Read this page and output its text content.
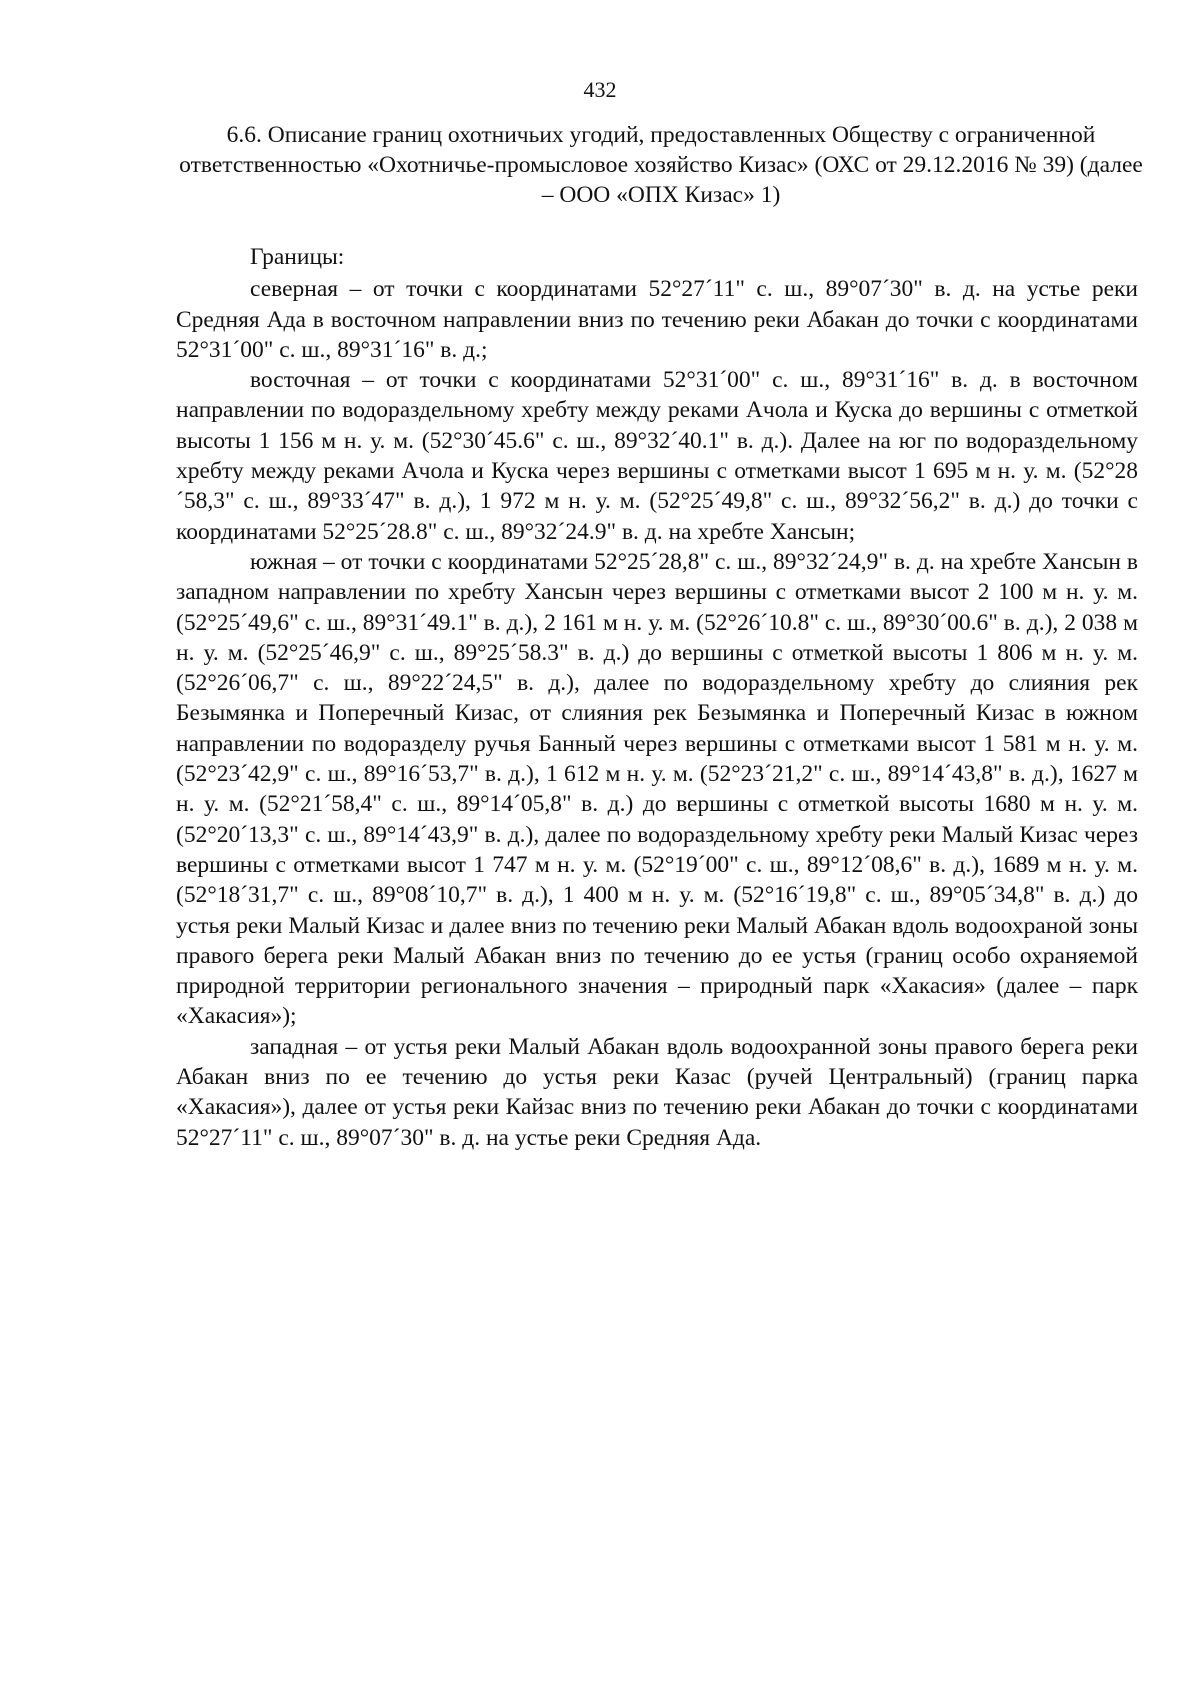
432
6.6. Описание границ охотничьих угодий, предоставленных Обществу с ограниченной ответственностью «Охотничье-промысловое хозяйство Кизас» (ОХС от 29.12.2016 № 39) (далее – ООО «ОПХ Кизас» 1)

Границы:

северная – от точки с координатами 52°27´11" с. ш., 89°07´30" в. д. на устье реки Средняя Ада в восточном направлении вниз по течению реки Абакан до точки с координатами 52°31´00" с. ш., 89°31´16" в. д.;

восточная – от точки с координатами 52°31´00" с. ш., 89°31´16" в. д. в восточном направлении по водораздельному хребту между реками Ачола и Куска до вершины с отметкой высоты 1 156 м н. у. м. (52°30´45.6" с. ш., 89°32´40.1" в. д.). Далее на юг по водораздельному хребту между реками Ачола и Куска через вершины с отметками высот 1 695 м н. у. м. (52°28´58,3" с. ш., 89°33´47" в. д.), 1 972 м н. у. м. (52°25´49,8" с. ш., 89°32´56,2" в. д.) до точки с координатами 52°25´28.8" с. ш., 89°32´24.9" в. д. на хребте Хансын;

южная – от точки с координатами 52°25´28,8" с. ш., 89°32´24,9" в. д. на хребте Хансын в западном направлении по хребту Хансын через вершины с отметками высот 2 100 м н. у. м. (52°25´49,6" с. ш., 89°31´49.1" в. д.), 2 161 м н. у. м. (52°26´10.8" с. ш., 89°30´00.6" в. д.), 2 038 м н. у. м. (52°25´46,9" с. ш., 89°25´58.3" в. д.) до вершины с отметкой высоты 1 806 м н. у. м. (52°26´06,7" с. ш., 89°22´24,5" в. д.), далее по водораздельному хребту до слияния рек Безымянка и Поперечный Кизас, от слияния рек Безымянка и Поперечный Кизас в южном направлении по водоразделу ручья Банный через вершины с отметками высот 1 581 м н. у. м. (52°23´42,9" с. ш., 89°16´53,7" в. д.), 1 612 м н. у. м. (52°23´21,2" с. ш., 89°14´43,8" в. д.), 1627 м н. у. м. (52°21´58,4" с. ш., 89°14´05,8" в. д.) до вершины с отметкой высоты 1680 м н. у. м. (52°20´13,3" с. ш., 89°14´43,9" в. д.), далее по водораздельному хребту реки Малый Кизас через вершины с отметками высот 1 747 м н. у. м. (52°19´00" с. ш., 89°12´08,6" в. д.), 1689 м н. у. м. (52°18´31,7" с. ш., 89°08´10,7" в. д.), 1 400 м н. у. м. (52°16´19,8" с. ш., 89°05´34,8" в. д.) до устья реки Малый Кизас и далее вниз по течению реки Малый Абакан вдоль водоохраной зоны правого берега реки Малый Абакан вниз по течению до ее устья (границ особо охраняемой природной территории регионального значения – природный парк «Хакасия» (далее – парк «Хакасия»);

западная – от устья реки Малый Абакан вдоль водоохранной зоны правого берега реки Абакан вниз по ее течению до устья реки Казас (ручей Центральный) (границ парка «Хакасия»), далее от устья реки Кайзас вниз по течению реки Абакан до точки с координатами 52°27´11" с. ш., 89°07´30" в. д. на устье реки Средняя Ада.
